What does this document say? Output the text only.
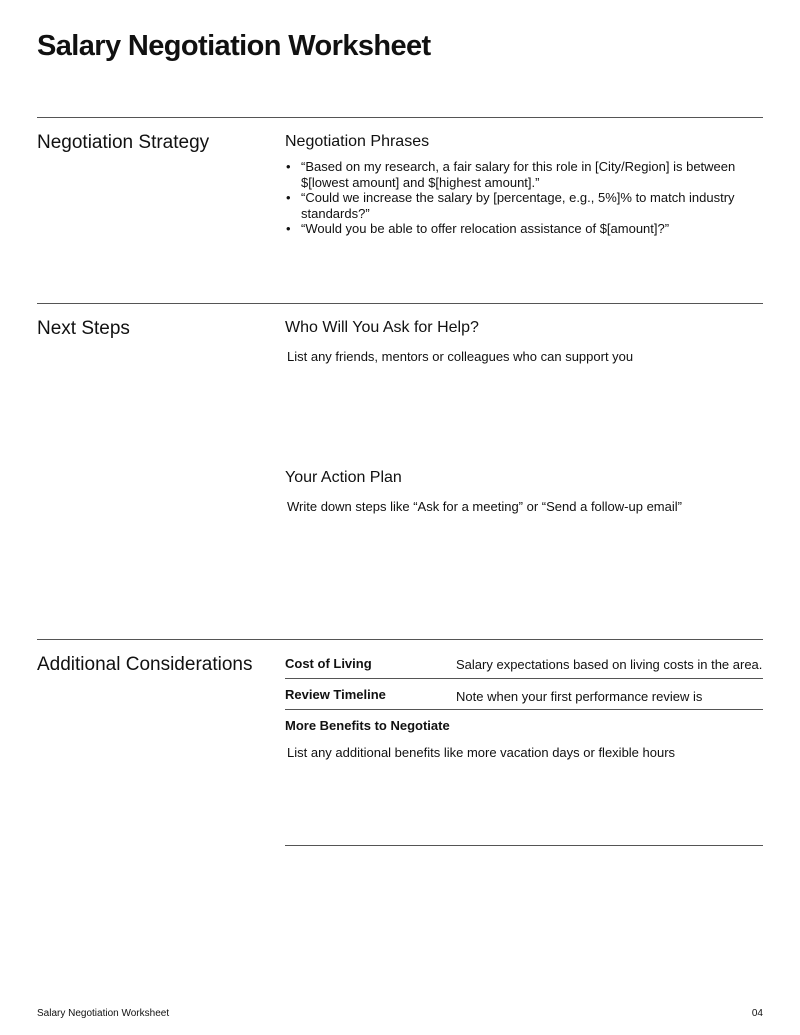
Salary Negotiation Worksheet
Negotiation Strategy	Negotiation Phrases
• “Based on my research, a fair salary for this role in [City/Region] is between $[lowest amount] and $[highest amount].”
• “Could we increase the salary by [percentage, e.g., 5%]% to match industry standards?”
• “Would you be able to offer relocation assistance of $[amount]?”
Next Steps	Who Will You Ask for Help?
List any friends, mentors or colleagues who can support you
Your Action Plan
Write down steps like “Ask for a meeting” or “Send a follow-up email”
Additional Considerations	Cost of Living	Salary expectations based on living costs in the area.
Review Timeline	Note when your first performance review is
More Benefits to Negotiate
List any additional benefits like more vacation days or flexible hours
Salary Negotiation Worksheet	04
